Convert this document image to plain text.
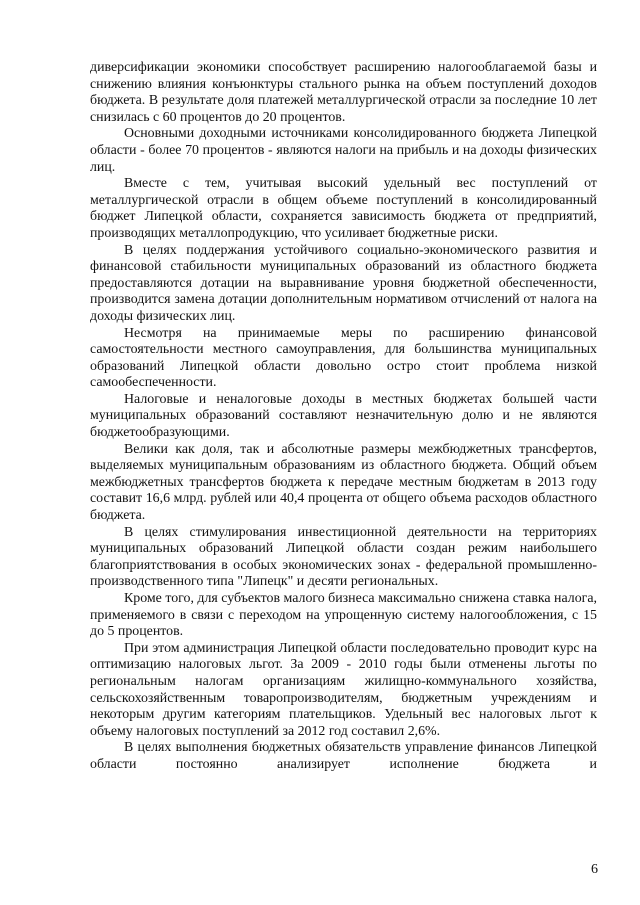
диверсификации экономики способствует расширению налогооблагаемой базы и снижению влияния конъюнктуры стального рынка на объем поступлений доходов бюджета. В результате доля платежей металлургической отрасли за последние 10 лет снизилась с 60 процентов до 20 процентов.

Основными доходными источниками консолидированного бюджета Липецкой области - более 70 процентов - являются налоги на прибыль и на доходы физических лиц.

Вместе с тем, учитывая высокий удельный вес поступлений от металлургической отрасли в общем объеме поступлений в консолидированный бюджет Липецкой области, сохраняется зависимость бюджета от предприятий, производящих металлопродукцию, что усиливает бюджетные риски.

В целях поддержания устойчивого социально-экономического развития и финансовой стабильности муниципальных образований из областного бюджета предоставляются дотации на выравнивание уровня бюджетной обеспеченности, производится замена дотации дополнительным нормативом отчислений от налога на доходы физических лиц.

Несмотря на принимаемые меры по расширению финансовой самостоятельности местного самоуправления, для большинства муниципальных образований Липецкой области довольно остро стоит проблема низкой самообеспеченности.

Налоговые и неналоговые доходы в местных бюджетах большей части муниципальных образований составляют незначительную долю и не являются бюджетообразующими.

Велики как доля, так и абсолютные размеры межбюджетных трансфертов, выделяемых муниципальным образованиям из областного бюджета. Общий объем межбюджетных трансфертов бюджета к передаче местным бюджетам в 2013 году составит 16,6 млрд. рублей или 40,4 процента от общего объема расходов областного бюджета.

В целях стимулирования инвестиционной деятельности на территориях муниципальных образований Липецкой области создан режим наибольшего благоприятствования в особых экономических зонах - федеральной промышленно-производственного типа "Липецк" и десяти региональных.

Кроме того, для субъектов малого бизнеса максимально снижена ставка налога, применяемого в связи с переходом на упрощенную систему налогообложения, с 15 до 5 процентов.

При этом администрация Липецкой области последовательно проводит курс на оптимизацию налоговых льгот. За 2009 - 2010 годы были отменены льготы по региональным налогам организациям жилищно-коммунального хозяйства, сельскохозяйственным товаропроизводителям, бюджетным учреждениям и некоторым другим категориям плательщиков. Удельный вес налоговых льгот к объему налоговых поступлений за 2012 год составил 2,6%.

В целях выполнения бюджетных обязательств управление финансов Липецкой области постоянно анализирует исполнение бюджета и

6
